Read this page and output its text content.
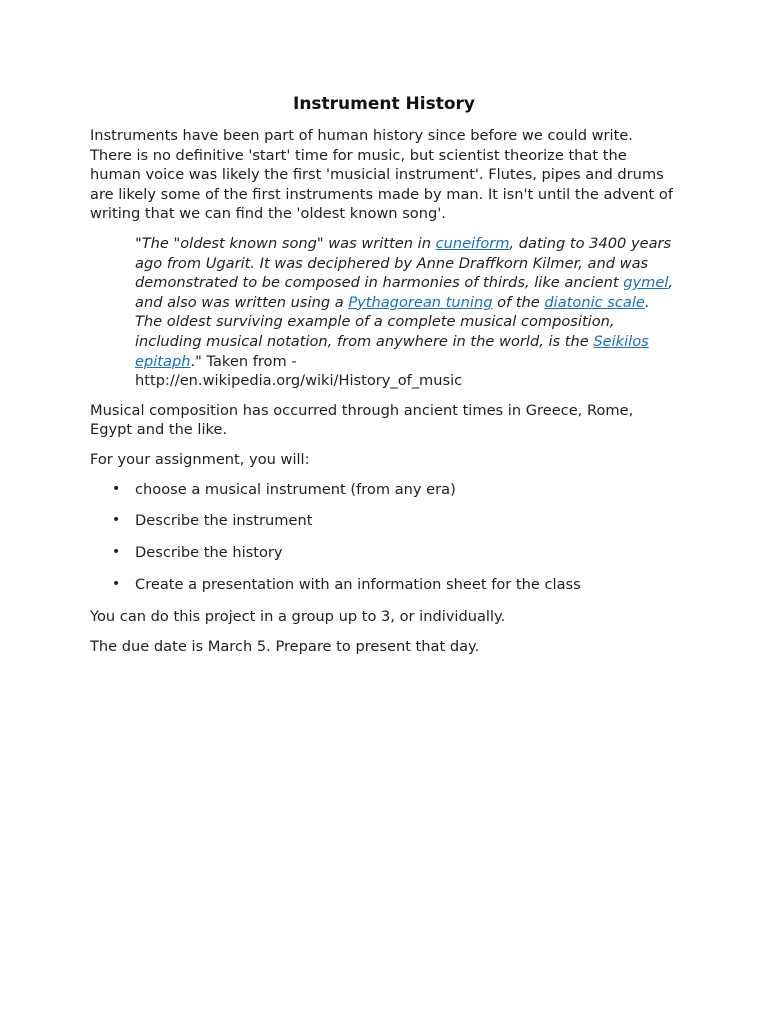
Instrument History

Instruments have been part of human history since before we could write. There is no definitive 'start' time for music, but scientist theorize that the human voice was likely the first 'musicial instrument'. Flutes, pipes and drums are likely some of the first instruments made by man. It isn't until the advent of writing that we can find the 'oldest known song'.

"The "oldest known song" was written in cuneiform, dating to 3400 years ago from Ugarit. It was deciphered by Anne Draffkorn Kilmer, and was demonstrated to be composed in harmonies of thirds, like ancient gymel, and also was written using a Pythagorean tuning of the diatonic scale. The oldest surviving example of a complete musical composition, including musical notation, from anywhere in the world, is the Seikilos epitaph." Taken from -
http://en.wikipedia.org/wiki/History_of_music

Musical composition has occurred through ancient times in Greece, Rome, Egypt and the like.

For your assignment, you will:

• choose a musical instrument (from any era)
• Describe the instrument
• Describe the history
• Create a presentation with an information sheet for the class

You can do this project in a group up to 3, or individually.

The due date is March 5. Prepare to present that day.
